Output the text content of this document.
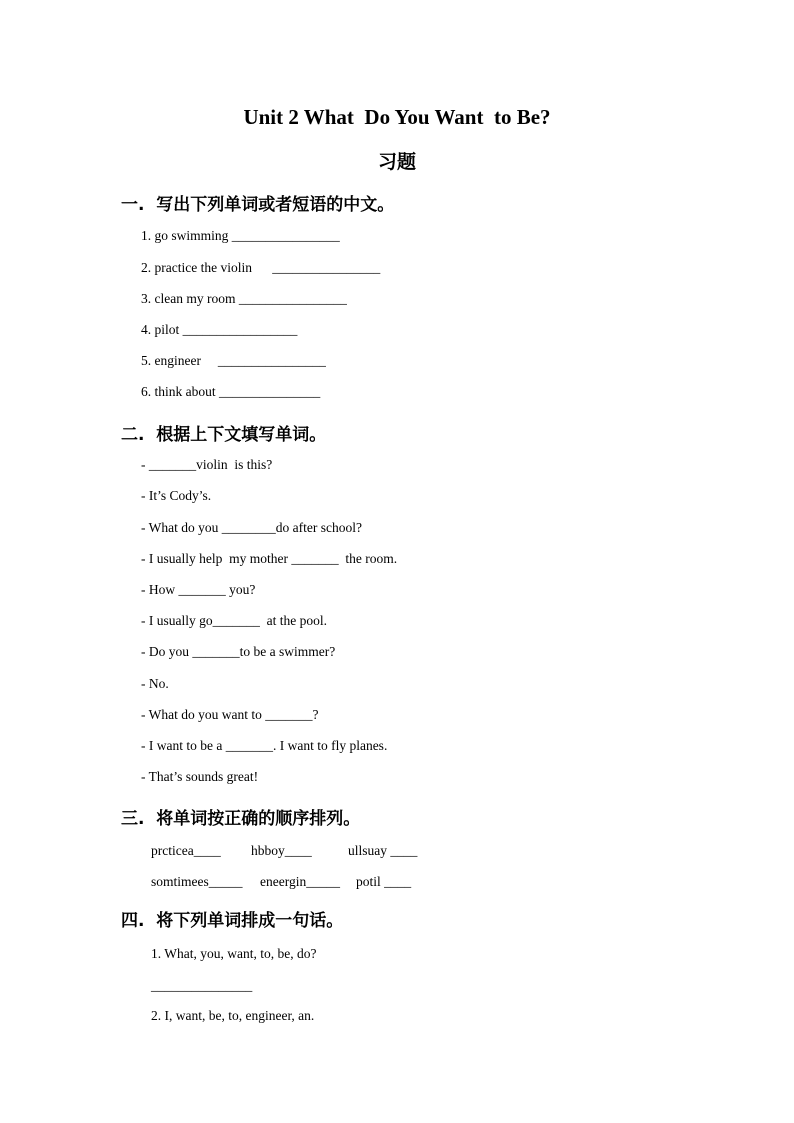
Unit 2 What  Do You Want  to Be?
习题
一.  写出下列单词或者短语的中文。
1. go swimming ________________
2. practice the violin      ________________
3. clean my room ________________
4. pilot _________________
5. engineer     ________________
6. think about _______________
二.  根据上下文填写单词。
- _______violin  is this?
- It’s Cody’s.
- What do you ________do after school?
- I usually help  my mother _______  the room.
- How _______ you?
- I usually go_______  at the pool.
- Do you _______to be a swimmer?
- No.
- What do you want to _______?
- I want to be a _______. I want to fly planes.
- That’s sounds great!
三.  将单词按正确的顺序排列。
prcticea____ hbboy____	ullsuay ____
somtimees_____ eneergin_____ potil ____
四.  将下列单词排成一句话。
1. What, you, want, to, be, do?
_______________
2. I, want, be, to, engineer, an.
